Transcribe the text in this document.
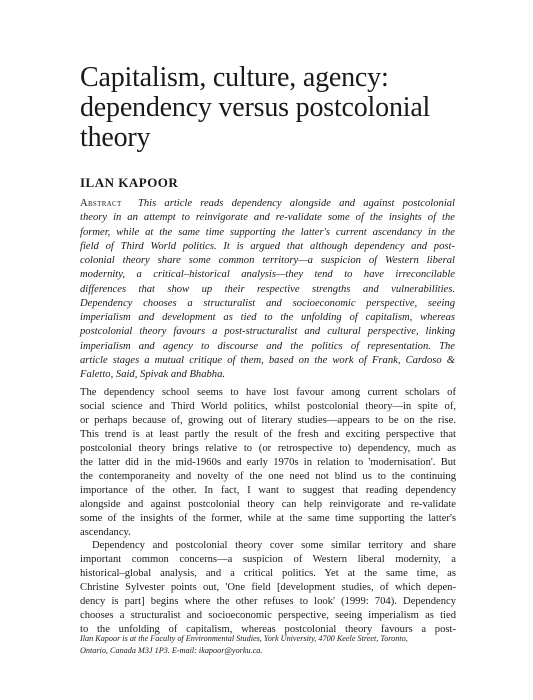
Capitalism, culture, agency:
dependency versus postcolonial
theory
ILAN KAPOOR
Abstract This article reads dependency alongside and against postcolonial
theory in an attempt to reinvigorate and re-validate some of the insights of the
former, while at the same time supporting the latter's current ascendancy in the
field of Third World politics. It is argued that although dependency and post-
colonial theory share some common territory—a suspicion of Western liberal
modernity, a critical–historical analysis—they tend to have irreconcilable
differences that show up their respective strengths and vulnerabilities.
Dependency chooses a structuralist and socioeconomic perspective, seeing
imperialism and development as tied to the unfolding of capitalism, whereas
postcolonial theory favours a post-structuralist and cultural perspective, linking
imperialism and agency to discourse and the politics of representation. The
article stages a mutual critique of them, based on the work of Frank, Cardoso &
Faletto, Said, Spivak and Bhabha.
The dependency school seems to have lost favour among current scholars of
social science and Third World politics, whilst postcolonial theory—in spite of,
or perhaps because of, growing out of literary studies—appears to be on the rise.
This trend is at least partly the result of the fresh and exciting perspective that
postcolonial theory brings relative to (or retrospective to) dependency, much as
the latter did in the mid-1960s and early 1970s in relation to 'modernisation'. But
the contemporaneity and novelty of the one need not blind us to the continuing
importance of the other. In fact, I want to suggest that reading dependency
alongside and against postcolonial theory can help reinvigorate and re-validate
some of the insights of the former, while at the same time supporting the latter's
ascendancy.
Dependency and postcolonial theory cover some similar territory and share
important common concerns—a suspicion of Western liberal modernity, a
historical–global analysis, and a critical politics. Yet at the same time, as
Christine Sylvester points out, 'One field [development studies, of which depen-
dency is part] begins where the other refuses to look' (1999: 704). Dependency
chooses a structuralist and socioeconomic perspective, seeing imperialism as tied
to the unfolding of capitalism, whereas postcolonial theory favours a post-
Ilan Kapoor is at the Faculty of Environmental Studies, York University, 4700 Keele Street, Toronto,
Ontario, Canada M3J 1P3. E-mail: ikapoor@yorku.ca.
